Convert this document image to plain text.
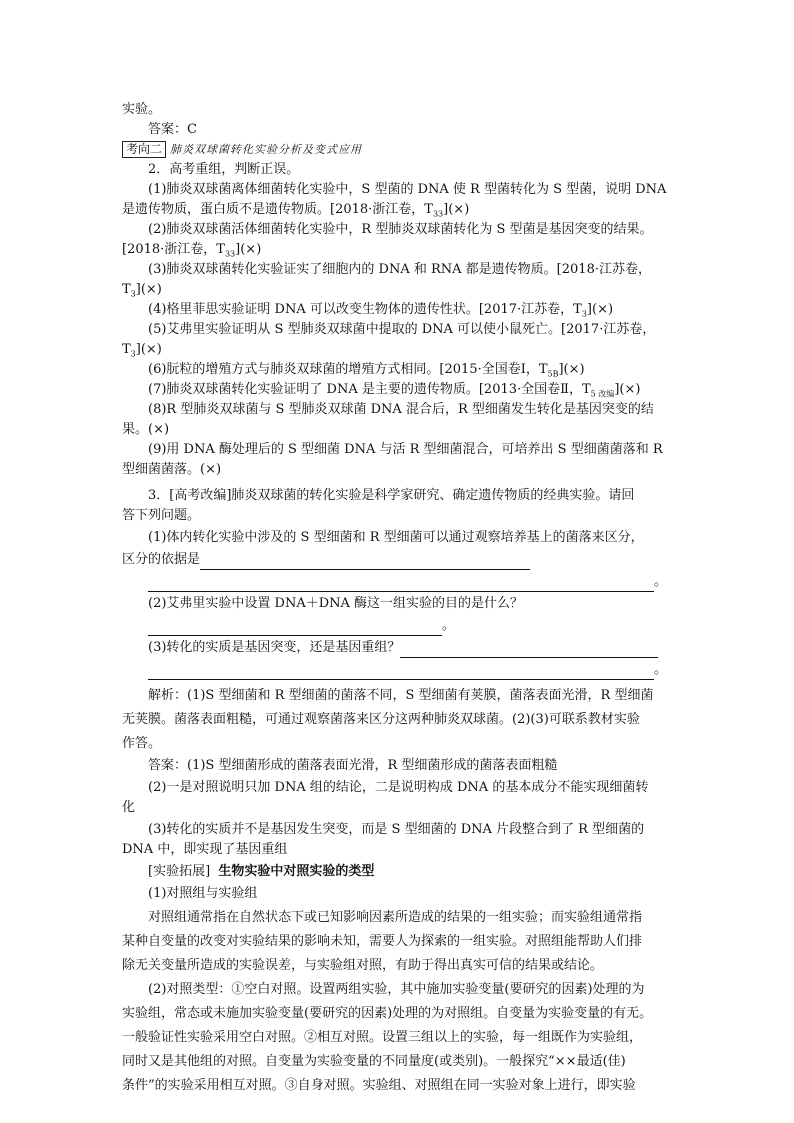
实验。
答案：C
考向二 肺炎双球菌转化实验分析及变式应用
2．高考重组，判断正误。
(1)肺炎双球菌离体细菌转化实验中，S 型菌的 DNA 使 R 型菌转化为 S 型菌，说明 DNA
是遗传物质，蛋白质不是遗传物质。[2018·浙江卷，$T_{33}](\times)$
(2)肺炎双球菌活体细菌转化实验中，R 型肺炎双球菌转化为 S 型菌是基因突变的结果。
[2018·浙江卷，$T_{33}](\times)$
(3)肺炎双球菌转化实验证实了细胞内的 DNA 和 RNA 都是遗传物质。[2018·江苏卷，
$T_3](\times)$
(4)格里菲思实验证明 DNA 可以改变生物体的遗传性状。[2017·江苏卷，$T_3](\times)$
(5)艾弗里实验证明从 S 型肺炎双球菌中提取的 DNA 可以使小鼠死亡。[2017·江苏卷，
$T_3](\times)$
(6)朊粒的增殖方式与肺炎双球菌的增殖方式相同。[2015·全国卷Ⅰ，$T_{5B}](\times)$
(7)肺炎双球菌转化实验证明了 DNA 是主要的遗传物质。[2013·全国卷Ⅱ，$T_{5 改编}](\times)$
(8)R 型肺炎双球菌与 S 型肺炎双球菌 DNA 混合后，R 型细菌发生转化是基因突变的结
果。(×)
(9)用 DNA 酶处理后的 S 型细菌 DNA 与活 R 型细菌混合，可培养出 S 型细菌菌落和 R
型细菌菌落。(×)
3．[高考改编]肺炎双球菌的转化实验是科学家研究、确定遗传物质的经典实验。请回
答下列问题。
(1)体内转化实验中涉及的 S 型细菌和 R 型细菌可以通过观察培养基上的菌落来区分，
区分的依据是
。
(2)艾弗里实验中设置 DNA＋DNA 酶这一组实验的目的是什么？
。
(3)转化的实质是基因突变，还是基因重组？
。
解析：(1)S 型细菌和 R 型细菌的菌落不同，S 型细菌有荚膜，菌落表面光滑，R 型细菌
无荚膜。菌落表面粗糙，可通过观察菌落来区分这两种肺炎双球菌。(2)(3)可联系教材实验
作答。
答案：(1)S 型细菌形成的菌落表面光滑，R 型细菌形成的菌落表面粗糙
(2)一是对照说明只加 DNA 组的结论，二是说明构成 DNA 的基本成分不能实现细菌转
化
(3)转化的实质并不是基因发生突变，而是 S 型细菌的 DNA 片段整合到了 R 型细菌的
DNA 中，即实现了基因重组
[实验拓展] 生物实验中对照实验的类型
(1)对照组与实验组
对照组通常指在自然状态下或已知影响因素所造成的结果的一组实验；而实验组通常指
某种自变量的改变对实验结果的影响未知，需要人为探索的一组实验。对照组能帮助人们排
除无关变量所造成的实验误差，与实验组对照，有助于得出真实可信的结果或结论。
(2)对照类型：①空白对照。设置两组实验，其中施加实验变量(要研究的因素)处理的为
实验组，常态或未施加实验变量(要研究的因素)处理的为对照组。自变量为实验变量的有无。
一般验证性实验采用空白对照。②相互对照。设置三组以上的实验，每一组既作为实验组，
同时又是其他组的对照。自变量为实验变量的不同量度(或类别)。一般探究“××最适(佳)
条件”的实验采用相互对照。③自身对照。实验组、对照组在同一实验对象上进行，即实验
